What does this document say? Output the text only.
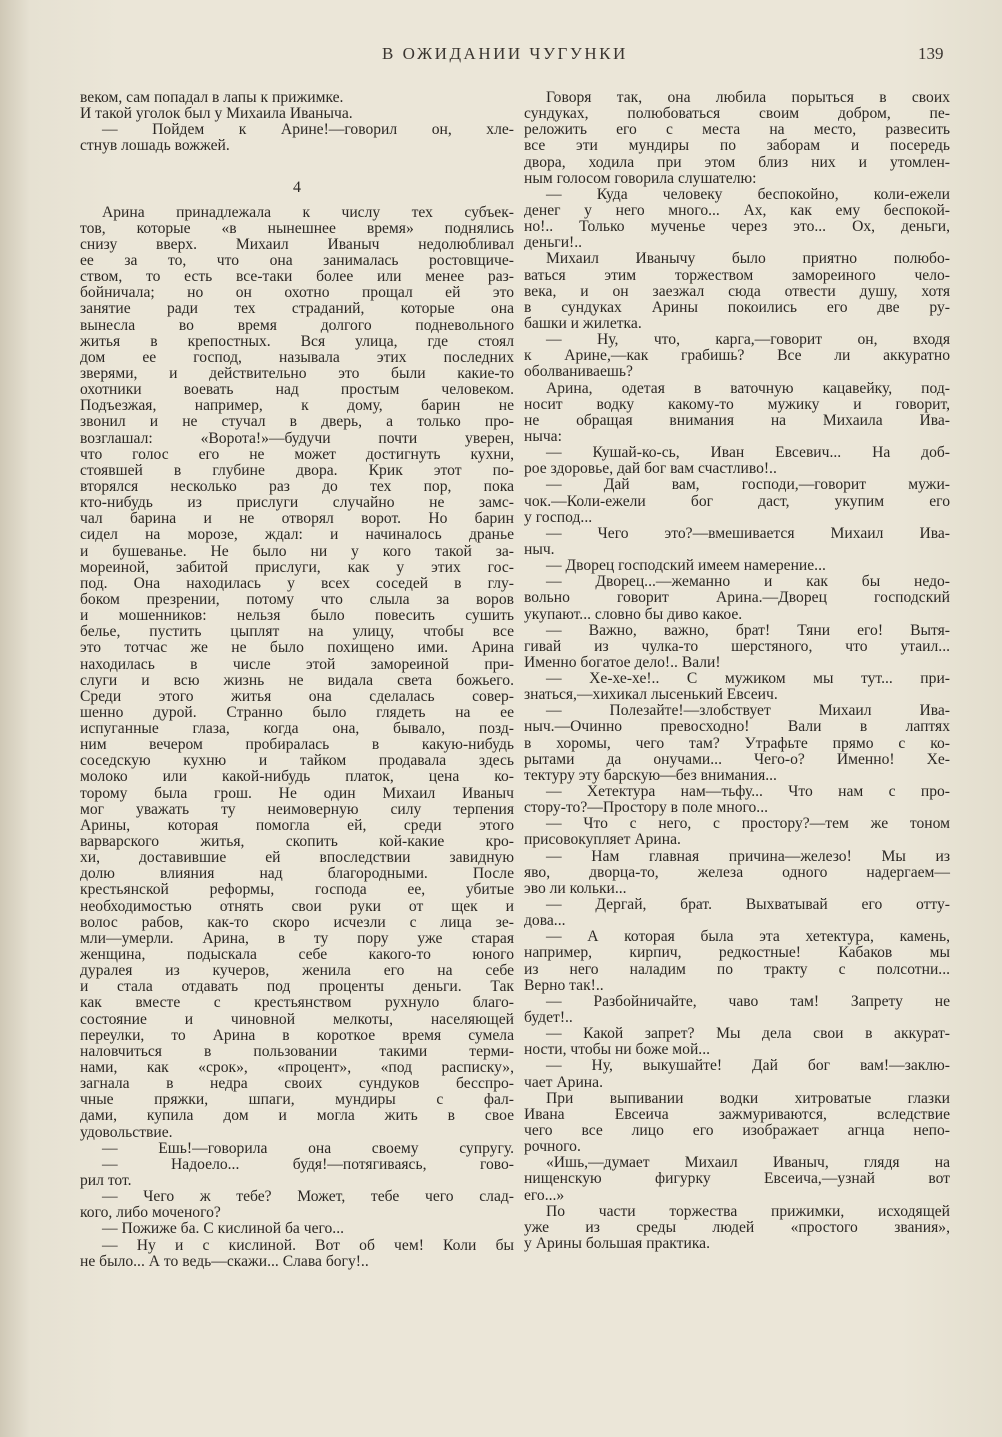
В ОЖИДАНИИ ЧУГУНКИ	139
веком, сам попадал в лапы к прижимке.
И такой уголок был у Михаила Иваныча.
— Пойдем к Арине!—говорил он, хле-
стнув лошадь вожжей.
4
Арина принадлежала к числу тех субъек-
тов, которые «в нынешнее время» поднялись
снизу вверх. Михаил Иваныч недолюбливал
ее за то, что она занималась ростовщиче-
ством, то есть все-таки более или менее раз-
бойничала; но он охотно прощал ей это
занятие ради тех страданий, которые она
вынесла во время долгого подневольного
житья в крепостных. Вся улица, где стоял
дом ее господ, называла этих последних
зверями, и действительно это были какие-то
охотники воевать над простым человеком.
Подъезжая, например, к дому, барин не
звонил и не стучал в дверь, а только про-
возглашал: «Ворота!»—будучи почти уверен,
что голос его не может достигнуть кухни,
стоявшей в глубине двора. Крик этот по-
вторялся несколько раз до тех пор, пока
кто-нибудь из прислуги случайно не замс-
чал барина и не отворял ворот. Но барин
сидел на морозе, ждал: и начиналось дранье
и бушеванье. Не было ни у кого такой за-
мореиной, забитой прислуги, как у этих гос-
под. Она находилась у всех соседей в глу-
боком презрении, потому что слыла за воров
и мошенников: нельзя было повесить сушить
белье, пустить цыплят на улицу, чтобы все
это тотчас же не было похищено ими. Арина
находилась в числе этой замореиной при-
слуги и всю жизнь не видала света божьего.
Среди этого житья она сделалась совер-
шенно дурой. Странно было глядеть на ее
испуганные глаза, когда она, бывало, позд-
ним вечером пробиралась в какую-нибудь
соседскую кухню и тайком продавала здесь
молоко или какой-нибудь платок, цена ко-
торому была грош. Не один Михаил Иваныч
мог уважать ту неимоверную силу терпения
Арины, которая помогла ей, среди этого
варварского житья, скопить кой-какие кро-
хи, доставившие ей впоследствии завидную
долю влияния над благородными. После
крестьянской реформы, господа ее, убитые
необходимостью отнять свои руки от щек и
волос рабов, как-то скоро исчезли с лица зе-
мли—умерли. Арина, в ту пору уже старая
женщина, подыскала себе какого-то юного
дуралея из кучеров, женила его на себе
и стала отдавать под проценты деньги. Так
как вместе с крестьянством рухнуло благо-
состояние и чиновной мелкоты, населяющей
переулки, то Арина в короткое время сумела
наловчиться в пользовании такими терми-
нами, как «срок», «процент», «под расписку»,
загнала в недра своих сундуков бесспро-
чные пряжки, шпаги, мундиры с фал-
дами, купила дом и могла жить в свое
удовольствие.
— Ешь!—говорила она своему супругу.
— Надоело... будя!—потягиваясь, гово-
рил тот.
— Чего ж тебе? Может, тебе чего слад-
кого, либо моченого?
— Пожиже ба. С кислиной ба чего...
— Ну и с кислиной. Вот об чем! Коли бы
не было... А то ведь—скажи... Слава богу!..
Говоря так, она любила порыться в своих
сундуках, полюбоваться своим добром, пе-
реложить его с места на место, развесить
все эти мундиры по заборам и посередь
двора, ходила при этом близ них и утомлен-
ным голосом говорила слушателю:
— Куда человеку беспокойно, коли-ежели
денег у него много... Ах, как ему беспокой-
но!.. Только мученье через это... Ох, деньги,
деньги!..
Михаил Иванычу было приятно полюбо-
ваться этим торжеством замореиного чело-
века, и он заезжал сюда отвести душу, хотя
в сундуках Арины покоились его две ру-
башки и жилетка.
— Ну, что, карга,—говорит он, входя
к Арине,—как грабишь? Все ли аккуратно
оболваниваешь?
Арина, одетая в ваточную кацавейку, под-
носит водку какому-то мужику и говорит,
не обращая внимания на Михаила Ива-
ныча:
— Кушай-ко-сь, Иван Евсевич... На доб-
рое здоровье, дай бог вам счастливо!..
— Дай вам, господи,—говорит мужи-
чок.—Коли-ежели бог даст, укупим его
у господ...
— Чего это?—вмешивается Михаил Ива-
ныч.
— Дворец господский имеем намерение...
— Дворец...—жеманно и как бы недо-
вольно говорит Арина.—Дворец господский
укупают... словно бы диво какое.
— Важно, важно, брат! Тяни его! Вытя-
гивай из чулка-то шерстяного, что утаил...
Именно богатое дело!.. Вали!
— Хе-хе-хе!.. С мужиком мы тут... при-
знаться,—хихикал лысенький Евсеич.
— Полезайте!—злобствует Михаил Ива-
ныч.—Очинно превосходно! Вали в лаптях
в хоромы, чего там? Утрафьте прямо с ко-
рытами да онучами... Чего-о? Именно! Хе-
тектуру эту барскую—без внимания...
— Хетектура нам—тьфу... Что нам с про-
стору-то?—Простору в поле много...
— Что с него, с простору?—тем же тоном
присовокупляет Арина.
— Нам главная причина—железо! Мы из
яво, дворца-то, железа одного надергаем—
эво ли кольки...
— Дергай, брат. Выхватывай его отту-
дова...
— А которая была эта хетектура, камень,
например, кирпич, редкостные! Кабаков мы
из него наладим по тракту с полсотни...
Верно так!..
— Разбойничайте, чаво там! Запрету не
будет!..
— Какой запрет? Мы дела свои в аккурат-
ности, чтобы ни боже мой...
— Ну, выкушайте! Дай бог вам!—заклю-
чает Арина.
При выпивании водки хитроватые глазки
Ивана Евсеича зажмуриваются, вследствие
чего все лицо его изображает агнца непо-
рочного.
«Ишь,—думает Михаил Иваныч, глядя на
нищенскую фигурку Евсеича,—узнай вот
его...»
По части торжества прижимки, исходящей
уже из среды людей «простого звания»,
у Арины большая практика.
